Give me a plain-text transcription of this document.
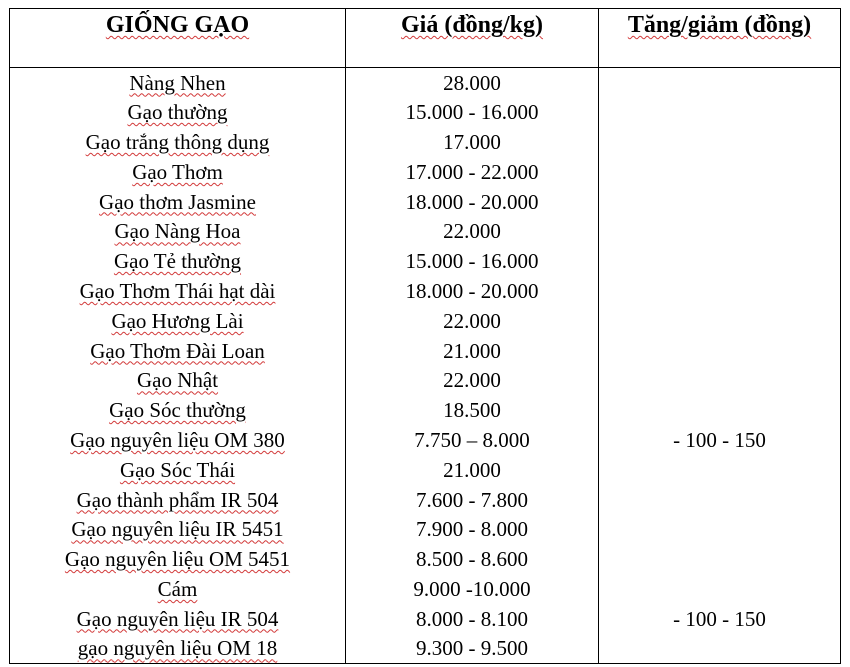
GIỐNG GẠO	Giá (đồng/kg)	Tăng/giảm (đồng)
Nàng Nhen	28.000	
Gạo thường	15.000 - 16.000	
Gạo trắng thông dụng	17.000	
Gạo Thơm	17.000 - 22.000	
Gạo thơm Jasmine	18.000 - 20.000	
Gạo Nàng Hoa	22.000	
Gạo Tẻ thường	15.000 - 16.000	
Gạo Thơm Thái hạt dài	18.000 - 20.000	
Gạo Hương Lài	22.000	
Gạo Thơm Đài Loan	21.000	
Gạo Nhật	22.000	
Gạo Sóc thường	18.500	
Gạo nguyên liệu OM 380	7.750 – 8.000	- 100 - 150
Gạo Sóc Thái	21.000	
Gạo thành phẩm IR 504	7.600 - 7.800	
Gạo nguyên liệu IR 5451	7.900 - 8.000	
Gạo nguyên liệu OM 5451	8.500 - 8.600	
Cám	9.000 -10.000	
Gạo nguyên liệu IR 504	8.000 - 8.100	- 100 - 150
gạo nguyên liệu OM 18	9.300 - 9.500	
